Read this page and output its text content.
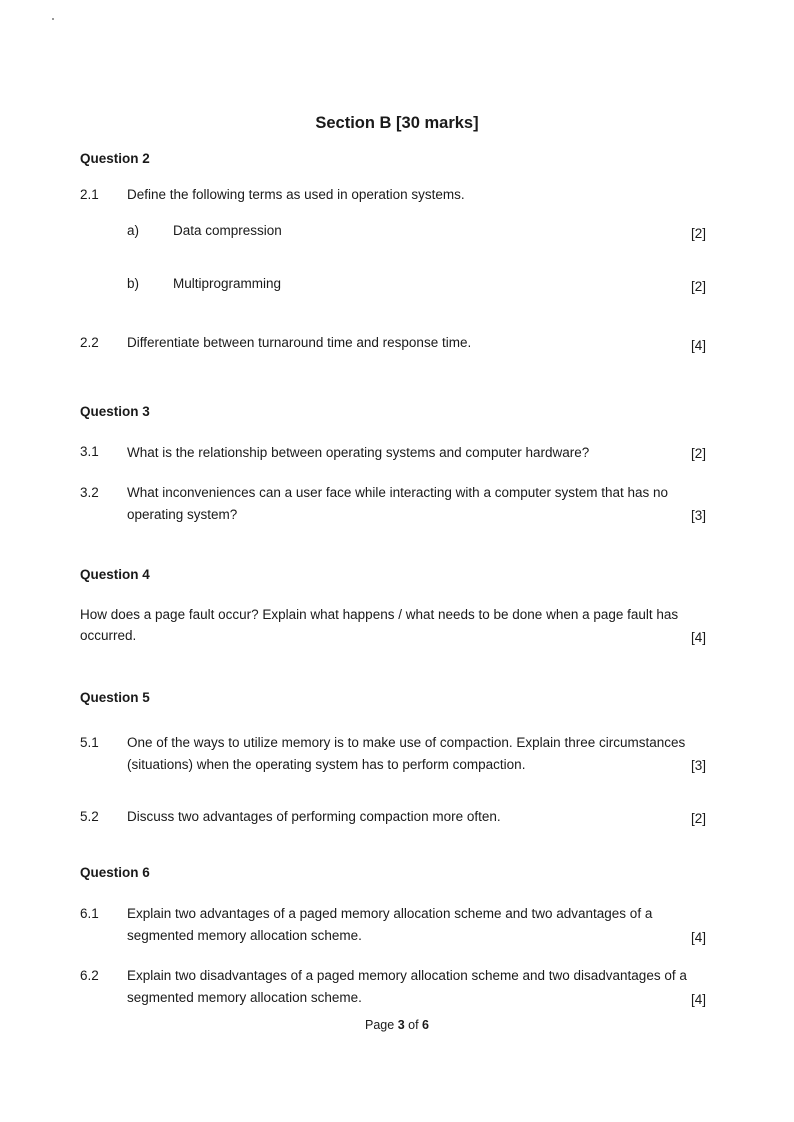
Section B [30 marks]
Question 2
2.1	Define the following terms as used in operation systems.
a)	Data compression	[2]
b)	Multiprogramming	[2]
2.2	Differentiate between turnaround time and response time.	[4]
Question 3
3.1	What is the relationship between operating systems and computer hardware?	[2]
3.2	What inconveniences can a user face while interacting with a computer system that has no
operating system?	[3]
Question 4
How does a page fault occur? Explain what happens / what needs to be done when a page fault has
occurred.	[4]
Question 5
5.1	One of the ways to utilize memory is to make use of compaction. Explain three circumstances
(situations) when the operating system has to perform compaction.	[3]
5.2	Discuss two advantages of performing compaction more often.	[2]
Question 6
6.1	Explain two advantages of a paged memory allocation scheme and two advantages of a
segmented memory allocation scheme.	[4]
6.2	Explain two disadvantages of a paged memory allocation scheme and two disadvantages of a
segmented memory allocation scheme.	[4]
Page 3 of 6
